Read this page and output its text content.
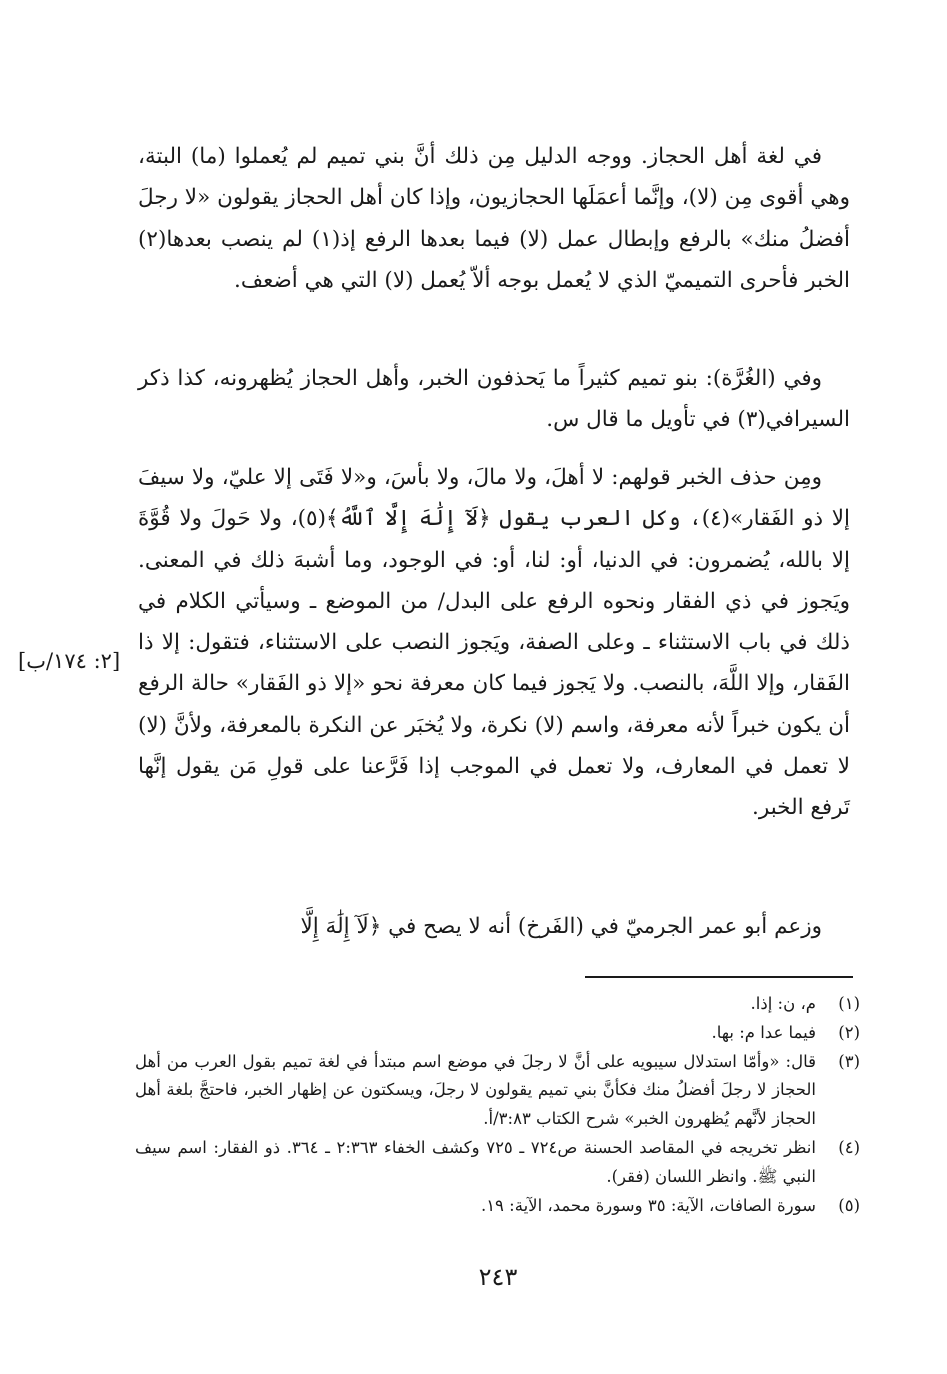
في لغة أهل الحجاز. ووجه الدليل مِن ذلك أنَّ بني تميم لم يُعملوا (ما) البتة، وهي أقوى مِن (لا)، وإنَّما أعمَلَها الحجازيون، وإذا كان أهل الحجاز يقولون «لا رجلَ أفضلُ منك» بالرفع وإبطال عمل (لا) فيما بعدها الرفع إذ(١) لم ينصب بعدها(٢) الخبر فأحرى التميميّ الذي لا يُعمل بوجه ألاّ يُعمل (لا) التي هي أضعف.

وفي (الغُرَّة): بنو تميم كثيراً ما يَحذفون الخبر، وأهل الحجاز يُظهرونه، كذا ذكر السيرافي(٣) في تأويل ما قال س.

ومِن حذف الخبر قولهم: لا أهلَ، ولا مالَ، ولا بأسَ، و«لا فَتَى إلا عليّ، ولا سيفَ إلا ذو الفَقار»(٤)، وكل العرب يقول ﴿لَآ إِلَٰهَ إِلَّا ٱللَّهُ﴾(٥)، ولا حَولَ ولا قُوَّةَ إلا بالله، يُضمرون: في الدنيا، أو: لنا، أو: في الوجود، وما أشبهَ ذلك في المعنى. ويَجوز في ذي الفقار ونحوه الرفع على البدل/ من الموضع ـ وسيأتي الكلام في ذلك في باب الاستثناء ـ وعلى الصفة، ويَجوز النصب على الاستثناء، فتقول: إلا ذا الفَقار، وإلا اللَّهَ، بالنصب. ولا يَجوز فيما كان معرفة نحو «إلا ذو الفَقار» حالة الرفع أن يكون خبراً لأنه معرفة، واسم (لا) نكرة، ولا يُخبَر عن النكرة بالمعرفة، ولأنَّ (لا) لا تعمل في المعارف، ولا تعمل في الموجب إذا فَرَّعنا على قولِ مَن يقول إنَّها تَرفع الخبر.

[٢: ١٧٤/ب]

وزعم أبو عمر الجرميّ في (الفَرخ) أنه لا يصح في ﴿لَآ إِلَٰهَ إِلَّا

(١)
م، ن: إذا.
(٢)
فيما عدا م: بها.
(٣)
قال: «وأمّا استدلال سيبويه على أنَّ لا رجلَ في موضع اسم مبتدأ في لغة تميم بقول العرب من أهل الحجاز لا رجلَ أفضلُ منك فكأنَّ بني تميم يقولون لا رجلَ، ويسكتون عن إظهار الخبر، فاحتجَّ بلغة أهل الحجاز لأنَّهم يُظهرون الخبر» شرح الكتاب ٣:٨٣/أ.
(٤)
انظر تخريجه في المقاصد الحسنة ص٧٢٤ ـ ٧٢٥ وكشف الخفاء ٢:٣٦٣ ـ ٣٦٤. ذو الفقار: اسم سيف النبي ﷺ. وانظر اللسان (فقر).
(٥)
سورة الصافات، الآية: ٣٥ وسورة محمد، الآية: ١٩.
٢٤٣
